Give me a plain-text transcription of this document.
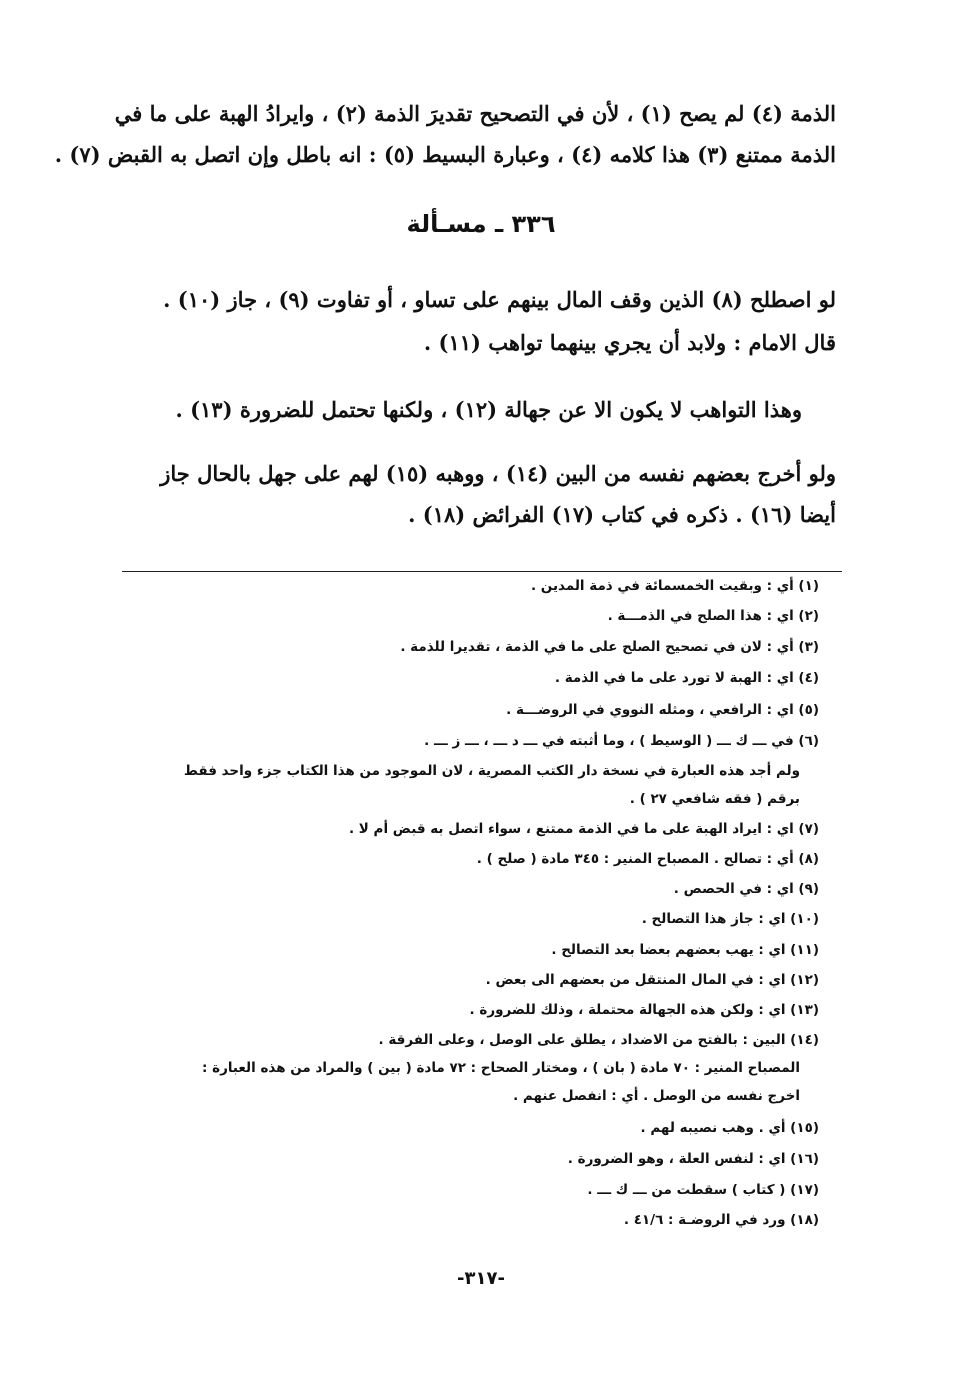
الذمة (٤) لم يصح (١) ، لأن في التصحيح تقديرَ الذمة (٢) ، وايرادُ الهبة على ما في
الذمة ممتنع (٣) هذا كلامه (٤) ، وعبارة البسيط (٥) : انه باطل وإن اتصل به القبض (٧) .
٣٣٦ ـ مسـألة
لو اصطلح (٨) الذين وقف المال بينهم على تساو ، أو تفاوت (٩) ، جاز (١٠) .
قال الامام : ولابد أن يجري بينهما تواهب (١١) .
وهذا التواهب لا يكون الا عن جهالة (١٢) ، ولكنها تحتمل للضرورة (١٣) .
ولو أخرج بعضهم نفسه من البين (١٤) ، ووهبه (١٥) لهم على جهل بالحال جاز
أيضا (١٦) . ذكره في كتاب (١٧) الفرائض (١٨) .
(١) أي : وبقيت الخمسمائة في ذمة المدين .
(٢) اي : هذا الصلح في الذمـــة .
(٣) أي : لان في تصحيح الصلح على ما في الذمة ، تقديرا للذمة .
(٤) اي : الهبة لا تورد على ما في الذمة .
(٥) اي : الرافعي ، ومثله النووي في الروضـــة .
(٦) في ـــ ك ـــ ( الوسيط ) ، وما أثبته في ـــ د ـــ ، ـــ ز ـــ .
ولم أجد هذه العبارة في نسخة دار الكتب المصرية ، لان الموجود من هذا الكتاب جزء واحد فقط
برقم ( فقه شافعي ٢٧ ) .
(٧) اي : ايراد الهبة على ما في الذمة ممتنع ، سواء اتصل به قبض أم لا .
(٨) أي : تصالح . المصباح المنير : ٣٤٥ مادة ( صلح ) .
(٩) اي : في الحصص .
(١٠) اي : جاز هذا التصالح .
(١١) اي : يهب بعضهم بعضا بعد التصالح .
(١٢) اي : في المال المنتقل من بعضهم الى بعض .
(١٣) اي : ولكن هذه الجهالة محتملة ، وذلك للضرورة .
(١٤) البين : بالفتح من الاضداد ، يطلق على الوصل ، وعلى الفرقة .
المصباح المنير : ٧٠ مادة ( بان ) ، ومختار الصحاح : ٧٢ مادة ( بين ) والمراد من هذه العبارة :
اخرج نفسه من الوصل . أي : انفصل عنهم .
(١٥) أي . وهب نصيبه لهم .
(١٦) اي : لنفس العلة ، وهو الضرورة .
(١٧) ( كتاب ) سقطت من ـــ ك ـــ .
(١٨) ورد في الروضـة : ٤١/٦ .
-٣١٧-
